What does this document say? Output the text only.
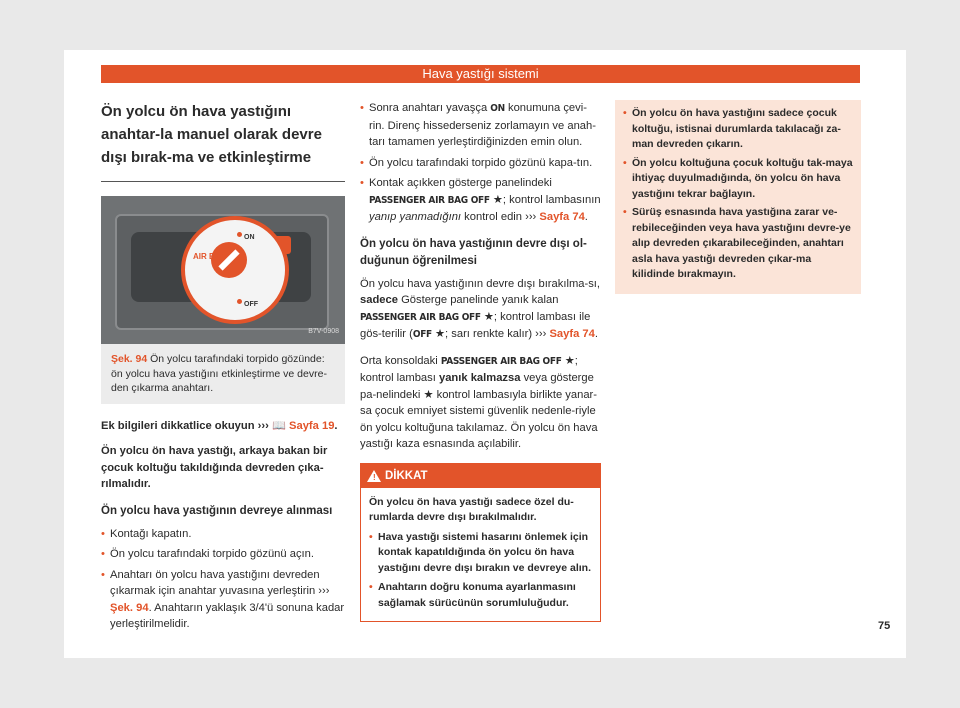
Hava yastığı sistemi
Ön yolcu ön hava yastığını anahtar-la manuel olarak devre dışı bırak-ma ve etkinleştirme
AIR BAG
ON
OFF
B7V-0908
Şek. 94 Ön yolcu tarafındaki torpido gözünde: ön yolcu hava yastığını etkinleştirme ve devre-den çıkarma anahtarı.

Ek bilgileri dikkatlice okuyun ››› 📖 Sayfa 19.

Ön yolcu ön hava yastığı, arkaya bakan bir çocuk koltuğu takıldığında devreden çıka-rılmalıdır.

Ön yolcu hava yastığının devreye alınması
• Kontağı kapatın.
• Ön yolcu tarafındaki torpido gözünü açın.
• Anahtarı ön yolcu hava yastığını devreden çıkarmak için anahtar yuvasına yerleştirin ››› Şek. 94. Anahtarın yaklaşık 3/4'ü sonuna kadar yerleştirilmelidir.
• Sonra anahtarı yavaşça ON konumuna çevi-rin. Direnç hissederseniz zorlamayın ve anah-tarı tamamen yerleştirdiğinizden emin olun.
• Ön yolcu tarafındaki torpido gözünü kapa-tın.
• Kontak açıkken gösterge panelindeki PASSENGER AIR BAG OFF ★; kontrol lambasının yanıp yanmadığını kontrol edin ››› Sayfa 74.
Ön yolcu ön hava yastığının devre dışı ol-duğunun öğrenilmesi

Ön yolcu hava yastığının devre dışı bırakılma-sı, sadece Gösterge panelinde yanık kalan PASSENGER AIR BAG OFF ★; kontrol lambası ile gös-terilir (OFF ★; sarı renkte kalır) ››› Sayfa 74.

Orta konsoldaki PASSENGER AIR BAG OFF ★; kontrol lambası yanık kalmazsa veya gösterge pa-nelindeki ★ kontrol lambasıyla birlikte yanar-sa çocuk emniyet sistemi güvenlik nedenle-riyle ön yolcu koltuğuna takılamaz. Ön yolcu ön hava yastığı kaza esnasında açılabilir.

! DİKKAT

Ön yolcu ön hava yastığı sadece özel du-rumlarda devre dışı bırakılmalıdır.

• Hava yastığı sistemi hasarını önlemek için kontak kapatıldığında ön yolcu ön hava yastığını devre dışı bırakın ve devreye alın.
• Anahtarın doğru konuma ayarlanmasını sağlamak sürücünün sorumluluğudur.
• Ön yolcu ön hava yastığını sadece çocuk koltuğu, istisnai durumlarda takılacağı za-man devreden çıkarın.
• Ön yolcu koltuğuna çocuk koltuğu tak-maya ihtiyaç duyulmadığında, ön yolcu ön hava yastığını tekrar bağlayın.
• Sürüş esnasında hava yastığına zarar ve-rebileceğinden veya hava yastığını devre-ye alıp devreden çıkarabileceğinden, anahtarı asla hava yastığı devreden çıkar-ma kilidinde bırakmayın.
75
